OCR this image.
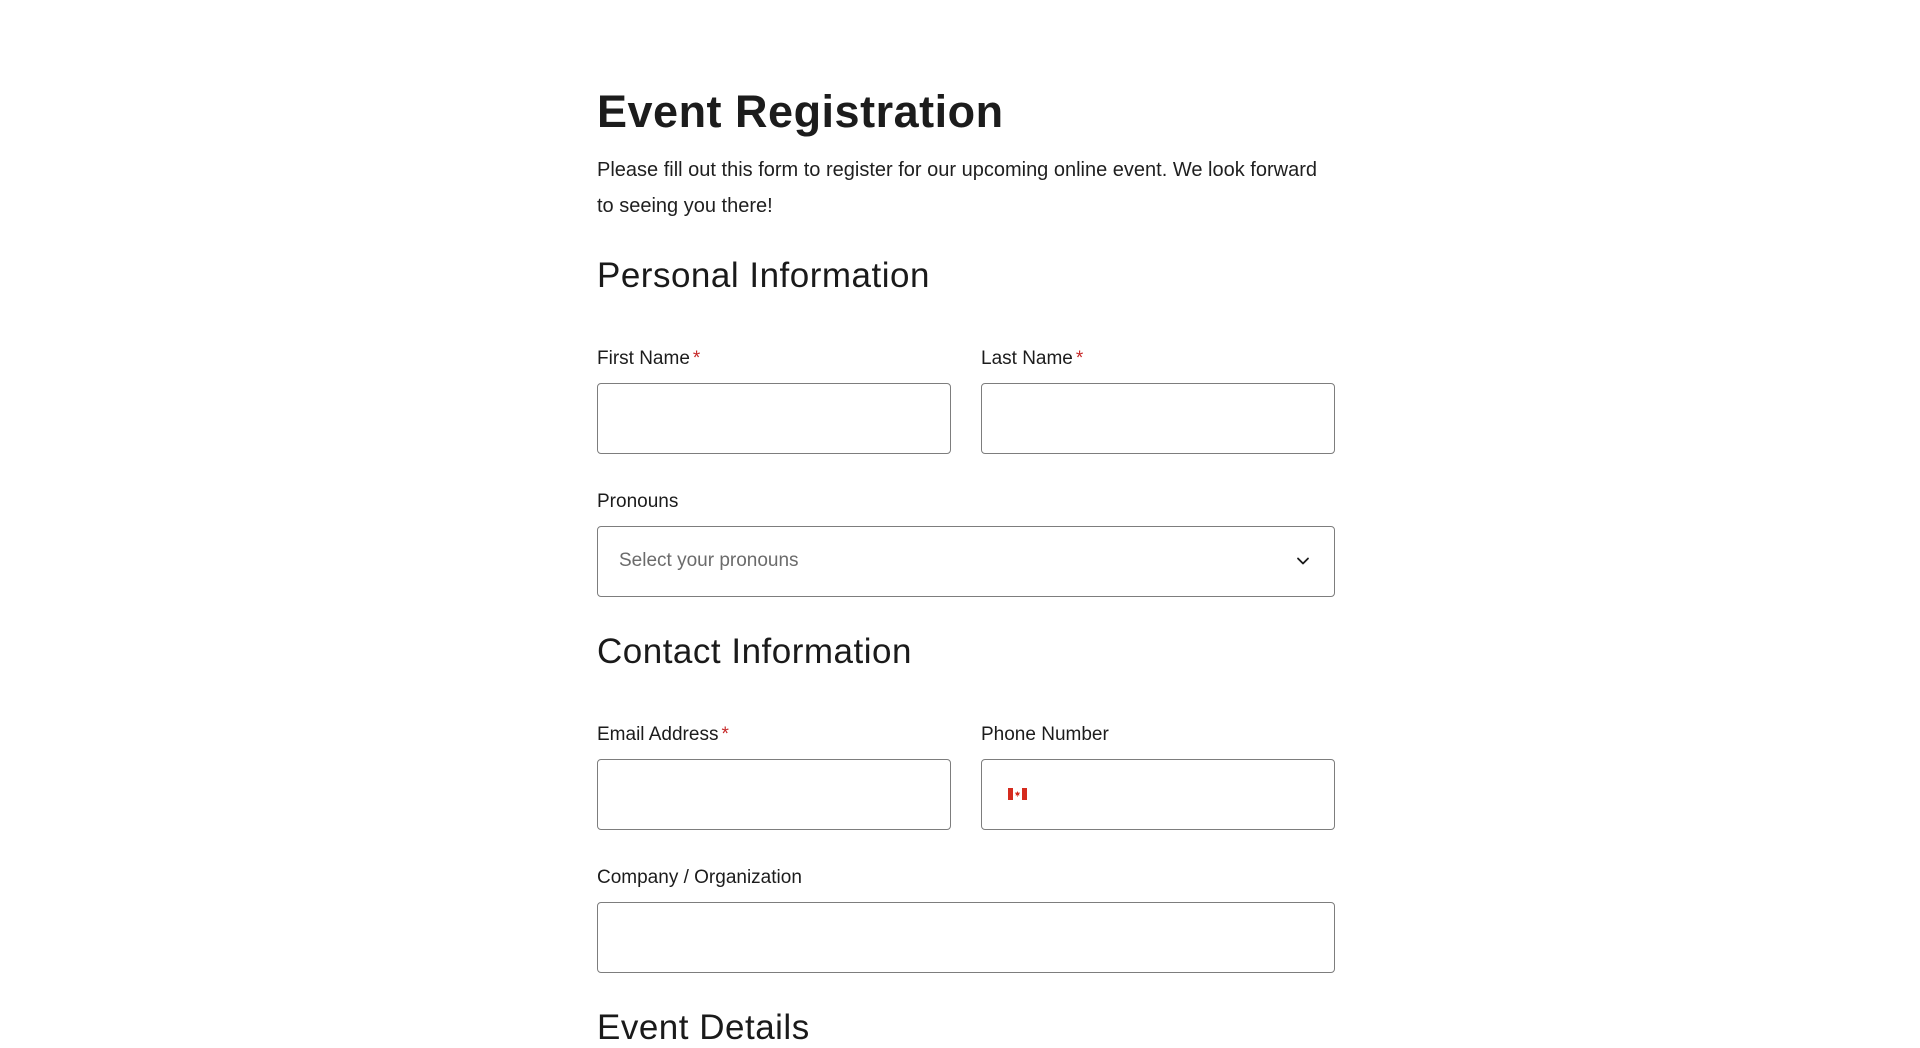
Event Registration

Please fill out this form to register for our upcoming online event. We look forward to seeing you there!

Personal Information
First Name *	Last Name *
Pronouns
Select your pronouns
Contact Information
Email Address *	Phone Number
Company / Organization
Event Details
